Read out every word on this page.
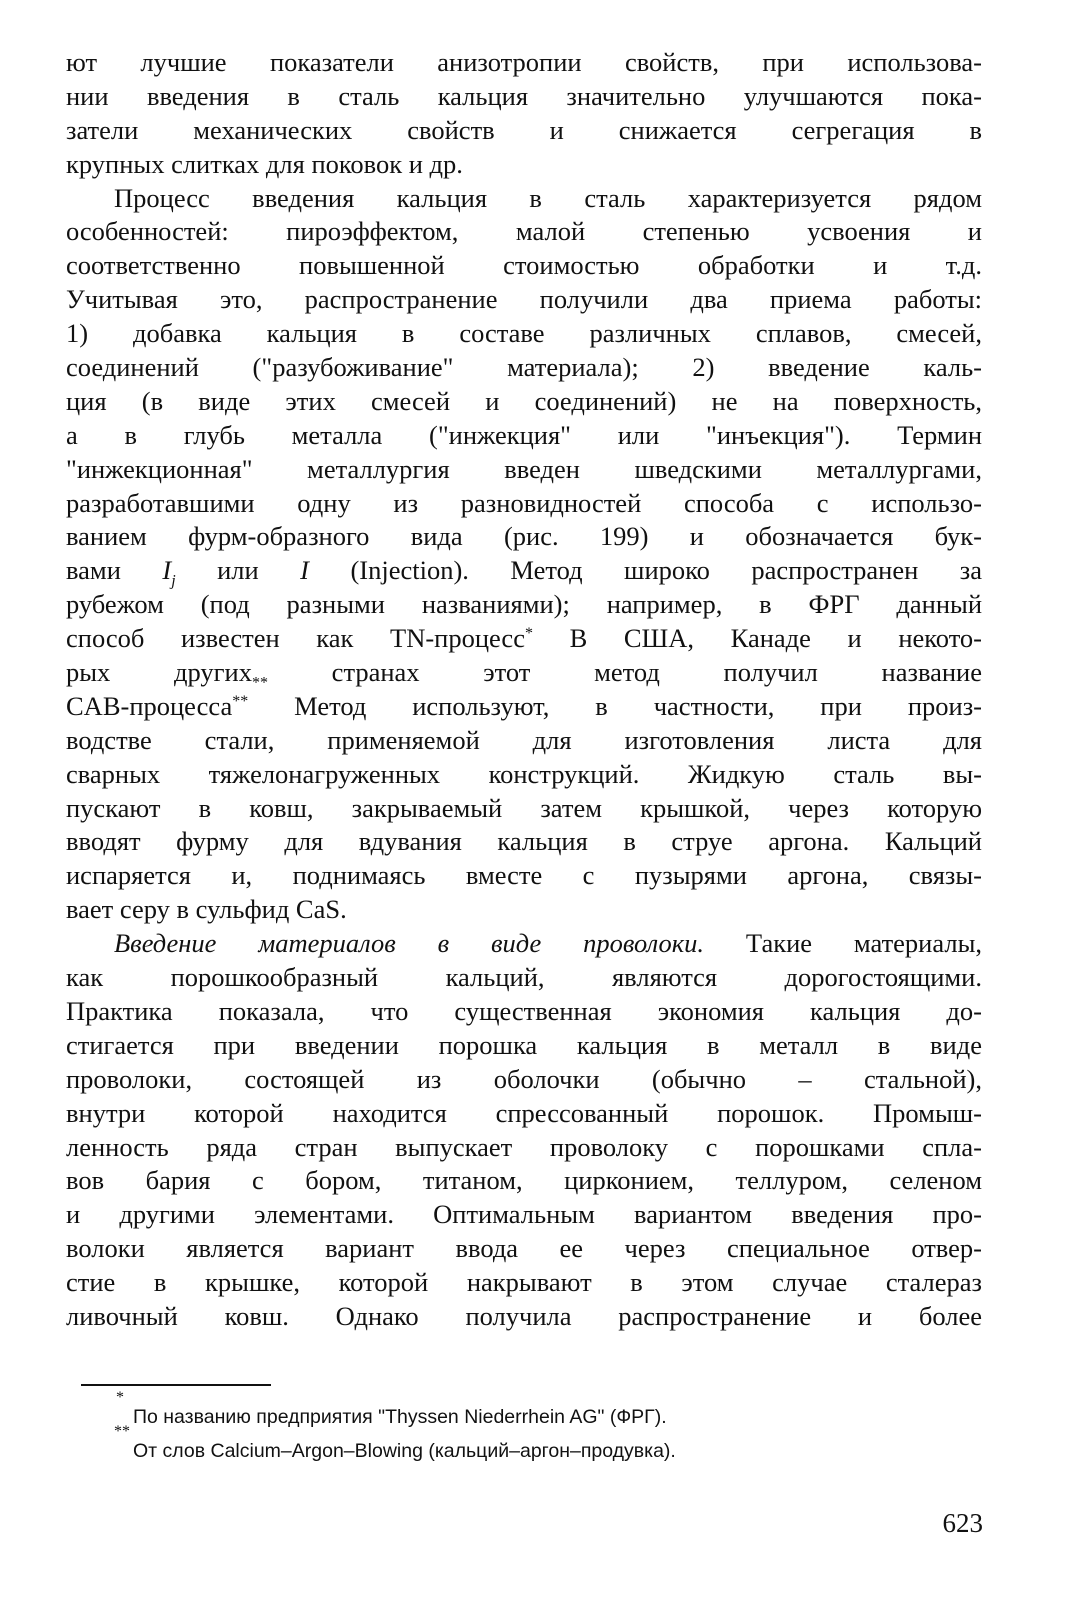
ют лучшие показатели анизотропии свойств, при использова-
нии введения в сталь кальция значительно улучшаются пока-
затели механических свойств и снижается сегрегация в
крупных слитках для поковок и др.
Процесс введения кальция в сталь характеризуется рядом
особенностей: пироэффектом, малой степенью усвоения и
соответственно повышенной стоимостью обработки и т.д.
Учитывая это, распространение получили два приема работы:
1) добавка кальция в составе различных сплавов, смесей,
соединений ("разубоживание" материала); 2) введение каль-
ция (в виде этих смесей и соединений) не на поверхность,
а в глубь металла ("инжекция" или "инъекция"). Термин
"инжекционная" металлургия введен шведскими металлургами,
разработавшими одну из разновидностей способа с использо-
ванием фурм-образного вида (рис. 199) и обозначается бук-
вами $I_j$ или I (Injection). Метод широко распространен за
рубежом (под разными названиями); например, в ФРГ данный
способ известен как TN-процесс* В США, Канаде и некото-
рых других$_{**}$ странах этот метод получил название
CAB-процесса** Метод используют, в частности, при произ-
водстве стали, применяемой для изготовления листа для
сварных тяжелонагруженных конструкций. Жидкую сталь вы-
пускают в ковш, закрываемый затем крышкой, через которую
вводят фурму для вдувания кальция в струе аргона. Кальций
испаряется и, поднимаясь вместе с пузырями аргона, связы-
вает серу в сульфид CaS.
Введение материалов в виде проволоки. Такие материалы,
как порошкообразный кальций, являются дорогостоящими.
Практика показала, что существенная экономия кальция до-
стигается при введении порошка кальция в металл в виде
проволоки, состоящей из оболочки (обычно – стальной),
внутри которой находится спрессованный порошок. Промыш-
ленность ряда стран выпускает проволоку с порошками спла-
вов бария с бором, титаном, цирконием, теллуром, селеном
и другими элементами. Оптимальным вариантом введения про-
волоки является вариант ввода ее через специальное отвер-
стие в крышке, которой накрывают в этом случае сталераз
ливочный ковш. Однако получила распространение и более
*
По названию предприятия "Thyssen Niederrhein AG" (ФРГ).
**
От слов Calcium–Argon–Blowing (кальций–аргон–продувка).
623
